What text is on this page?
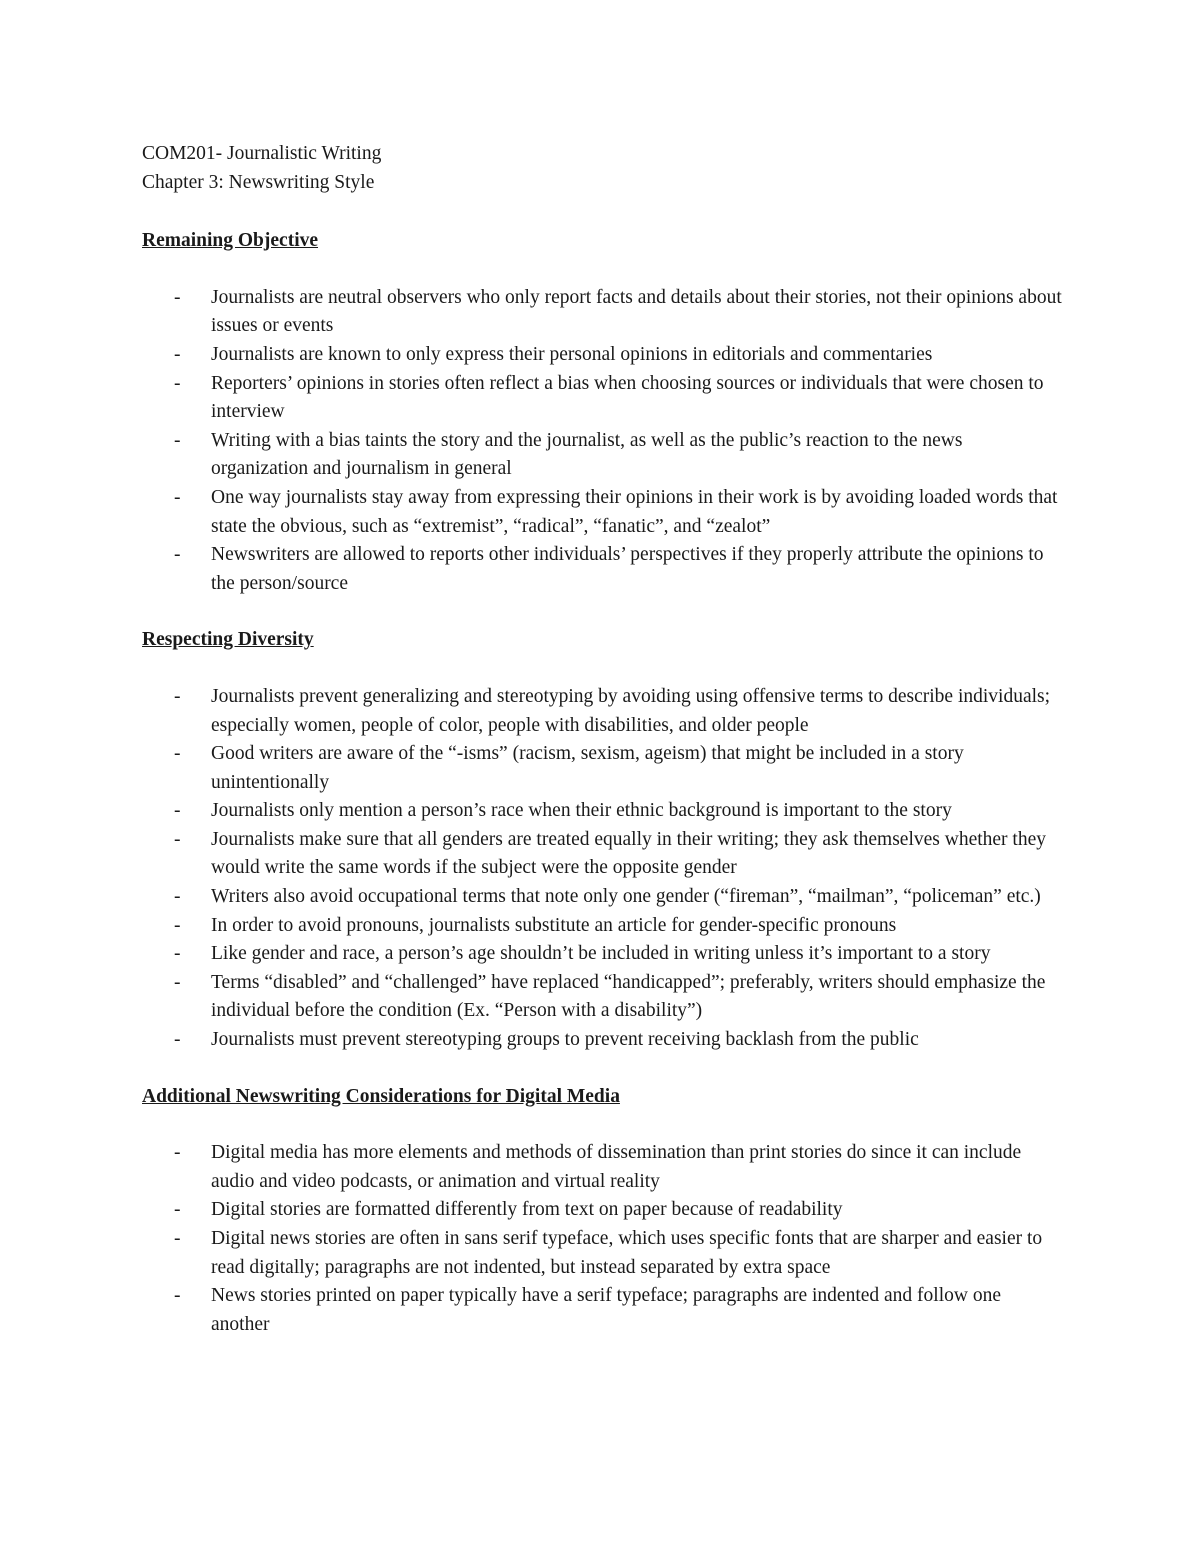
COM201- Journalistic Writing

Chapter 3: Newswriting Style

Remaining Objective
- Journalists are neutral observers who only report facts and details about their stories, not their opinions about issues or events
- Journalists are known to only express their personal opinions in editorials and commentaries
- Reporters’ opinions in stories often reflect a bias when choosing sources or individuals that were chosen to interview
- Writing with a bias taints the story and the journalist, as well as the public’s reaction to the news organization and journalism in general
- One way journalists stay away from expressing their opinions in their work is by avoiding loaded words that state the obvious, such as “extremist”, “radical”, “fanatic”, and “zealot”
- Newswriters are allowed to reports other individuals’ perspectives if they properly attribute the opinions to the person/source
Respecting Diversity
- Journalists prevent generalizing and stereotyping by avoiding using offensive terms to describe individuals; especially women, people of color, people with disabilities, and older people
- Good writers are aware of the “-isms” (racism, sexism, ageism) that might be included in a story unintentionally
- Journalists only mention a person’s race when their ethnic background is important to the story
- Journalists make sure that all genders are treated equally in their writing; they ask themselves whether they would write the same words if the subject were the opposite gender
- Writers also avoid occupational terms that note only one gender (“fireman”, “mailman”, “policeman” etc.)
- In order to avoid pronouns, journalists substitute an article for gender-specific pronouns
- Like gender and race, a person’s age shouldn’t be included in writing unless it’s important to a story
- Terms “disabled” and “challenged” have replaced “handicapped”; preferably, writers should emphasize the individual before the condition (Ex. “Person with a disability”)
- Journalists must prevent stereotyping groups to prevent receiving backlash from the public
Additional Newswriting Considerations for Digital Media
- Digital media has more elements and methods of dissemination than print stories do since it can include audio and video podcasts, or animation and virtual reality
- Digital stories are formatted differently from text on paper because of readability
- Digital news stories are often in sans serif typeface, which uses specific fonts that are sharper and easier to read digitally; paragraphs are not indented, but instead separated by extra space
- News stories printed on paper typically have a serif typeface; paragraphs are indented and follow one another
